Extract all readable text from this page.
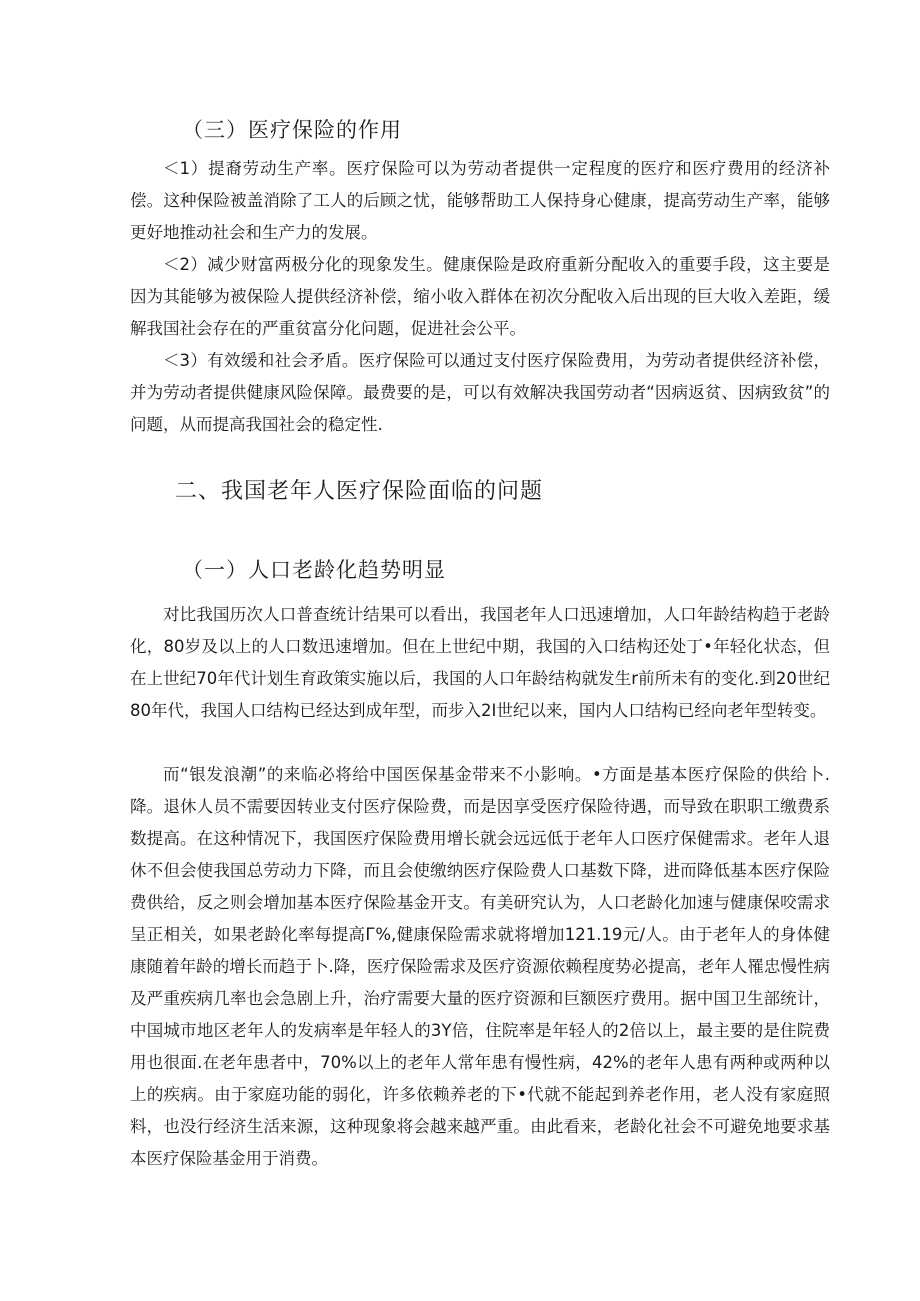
（三）医疗保险的作用

＜1）提裔劳动生产率。医疗保险可以为劳动者提供一定程度的医疗和医疗费用的经济补偿。这种保险被盖消除了工人的后顾之忧，能够帮助工人保持身心健康，提高劳动生产率，能够更好地推动社会和生产力的发展。

＜2）减少财富两极分化的现象发生。健康保险是政府重新分配收入的重要手段，这主要是因为其能够为被保险人提供经济补偿，缩小收入群体在初次分配收入后出现的巨大收入差距，缓解我国社会存在的严重贫富分化问题，促进社会公平。

＜3）有效缓和社会矛盾。医疗保险可以通过支付医疗保险费用，为劳动者提供经济补偿，并为劳动者提供健康风险保障。最费要的是，可以有效解决我国劳动者“因病返贫、因病致贫”的问题，从而提高我国社会的稳定性.

二、我国老年人医疗保险面临的问题
（一）人口老龄化趋势明显

对比我国历次人口普查统计结果可以看出，我国老年人口迅速增加，人口年龄结构趋于老龄化，80岁及以上的人口数迅速增加。但在上世纪中期，我国的入口结构还处丁•年轻化状态，但在上世纪70年代计划生育政策实施以后，我国的人口年龄结构就发生r前所未有的变化.到20世纪80年代，我国人口结构已经达到成年型，而步入2I世纪以来，国内人口结构已经向老年型转变。

而“银发浪潮”的来临必将给中国医保基金带来不小影响。•方面是基本医疗保险的供给卜.降。退休人员不需要因转业支付医疗保险费，而是因享受医疗保险待遇，而导致在职职工缴费系数提高。在这种情况下，我国医疗保险费用增长就会远远低于老年人口医疗保健需求。老年人退休不但会使我国总劳动力下降，而且会使缴纳医疗保险费人口基数下降，进而降低基本医疗保险费供给，反之则会增加基本医疗保险基金开支。有美研究认为，人口老龄化加速与健康保咬需求呈正相关，如果老龄化率每提高Г%,健康保险需求就将增加121.19元/人。由于老年人的身体健康随着年龄的增长而趋于卜.降，医疗保险需求及医疗资源依赖程度势必提高，老年人罹忠慢性病及严重疾病几率也会急剧上升，治疗需要大量的医疗资源和巨额医疗费用。据中国卫生部统计，中国城市地区老年人的发病率是年轻人的3Y倍，住院率是年轻人的2倍以上，最主要的是住院费用也很面.在老年患者中，70%以上的老年人常年患有慢性病，42%的老年人患有两种或两种以上的疾病。由于家庭功能的弱化，许多依赖养老的下•代就不能起到养老作用，老人没有家庭照料，也没行经济生活来源，这种现象将会越来越严重。由此看来，老龄化社会不可避免地要求基本医疗保险基金用于消费。
